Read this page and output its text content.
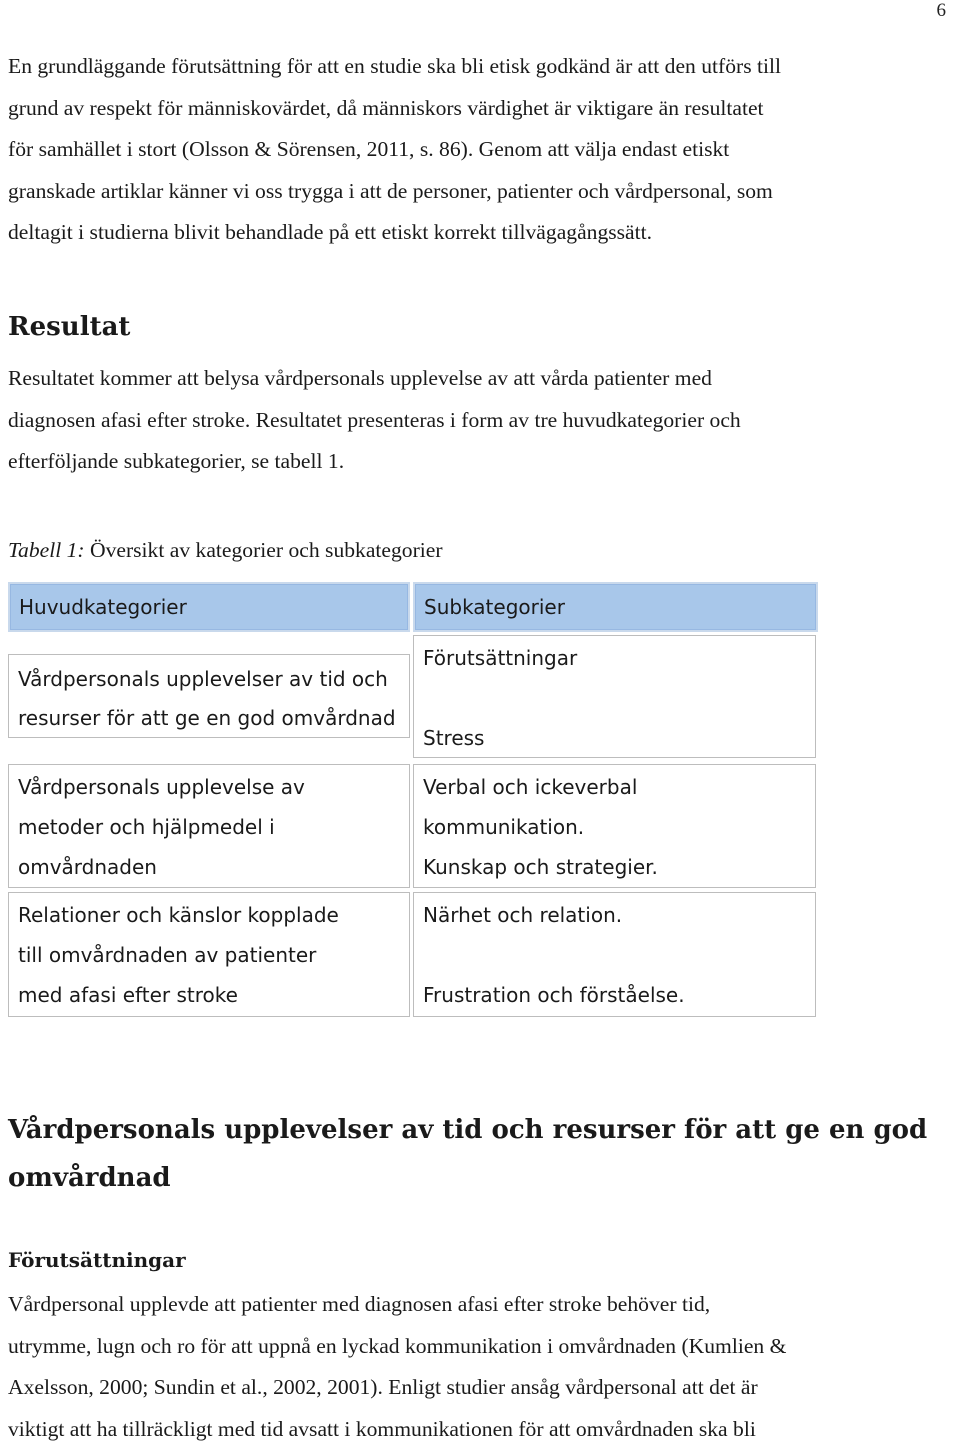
6

En grundläggande förutsättning för att en studie ska bli etisk godkänd är att den utförs till
grund av respekt för människovärdet, då människors värdighet är viktigare än resultatet
för samhället i stort (Olsson & Sörensen, 2011, s. 86). Genom att välja endast etiskt
granskade artiklar känner vi oss trygga i att de personer, patienter och vårdpersonal, som
deltagit i studierna blivit behandlade på ett etiskt korrekt tillvägagångssätt.

Resultat

Resultatet kommer att belysa vårdpersonals upplevelse av att vårda patienter med
diagnosen afasi efter stroke. Resultatet presenteras i form av tre huvudkategorier och
efterföljande subkategorier, se tabell 1.

Tabell 1: Översikt av kategorier och subkategorier
Huvudkategorier	Subkategorier
Vårdpersonals upplevelser av tid och
resurser för att ge en god omvårdnad
Förutsättningar
Stress
Vårdpersonals upplevelse av
metoder och hjälpmedel i
omvårdnaden
Verbal och ickeverbal
kommunikation.
Kunskap och strategier.
Relationer och känslor kopplade
till omvårdnaden av patienter
med afasi efter stroke
Närhet och relation.
Frustration och förståelse.
Vårdpersonals upplevelser av tid och resurser för att ge en god
omvårdnad
Förutsättningar

Vårdpersonal upplevde att patienter med diagnosen afasi efter stroke behöver tid,
utrymme, lugn och ro för att uppnå en lyckad kommunikation i omvårdnaden (Kumlien &
Axelsson, 2000; Sundin et al., 2002, 2001). Enligt studier ansåg vårdpersonal att det är
viktigt att ha tillräckligt med tid avsatt i kommunikationen för att omvårdnaden ska bli
